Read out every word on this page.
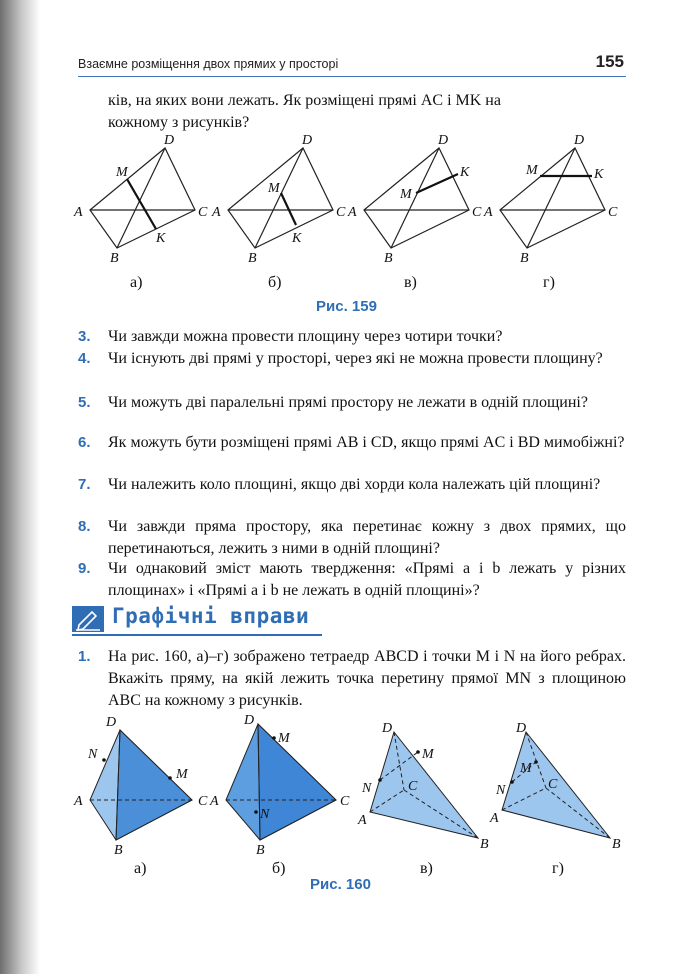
Взаємне розміщення двох прямих у просторі	155
ків, на яких вони лежать. Як розміщені прямі AC і MK на
кожному з рисунків?
A
D
C
B
M
K
A
D
C
B
M
K
A
D
C
B
M
K
A
D
C
B
M	K
а)	б)	в)	г)
Рис. 159
3.	Чи завжди можна провести площину через чотири точки?
4.	Чи існують дві прямі у просторі, через які не можна провести площину?
5.	Чи можуть дві паралельні прямі простору не лежати в одній площині?
6.	Як можуть бути розміщені прямі AB і CD, якщо прямі AC і BD мимобіжні?
7.	Чи належить коло площині, якщо дві хорди кола належать цій площині?
8.	Чи завжди пряма простору, яка перетинає кожну з двох прямих, що перетинаються, лежить з ними в одній площині?
9.	Чи однаковий зміст мають твердження: «Прямі a і b лежать у різних площинах» і «Прямі a і b не лежать в одній площині»?
Графічні вправи
1.	На рис. 160, а)–г) зображено тетраедр ABCD і точки M і N на його ребрах. Вкажіть пряму, на якій лежить точка перетину прямої MN з площиною ABC на кожному з рисунків.
D
N
M
A	C
B
D
M
A
N
C
B
D
M
N	C
A
B
D
M
N	C
A
B
а)	б)	в)	г)
Рис. 160
